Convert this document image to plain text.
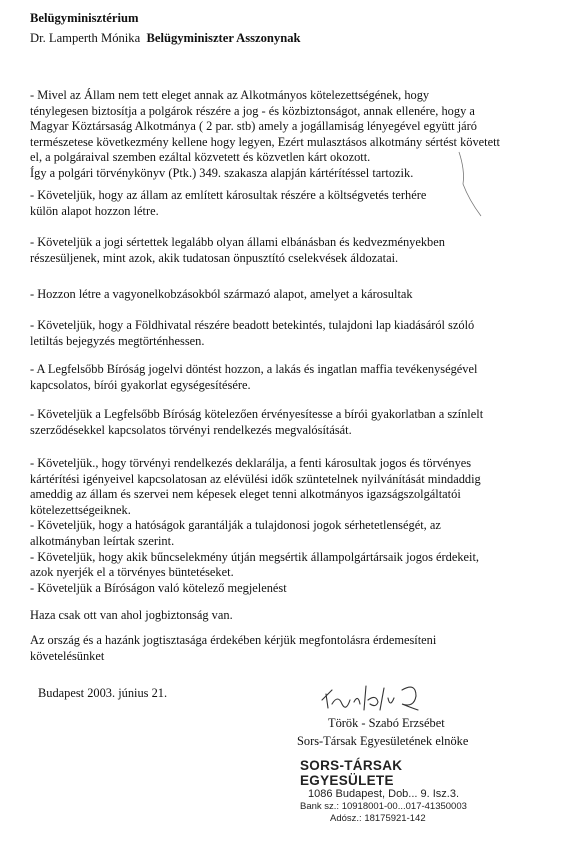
Belügyminisztérium
Dr. Lamperth Mónika Belügyminiszter Asszonynak
- Mivel az Állam nem tett eleget annak az Alkotmányos kötelezettségének, hogy
ténylegesen biztosítja a polgárok részére a jog - és közbiztonságot, annak ellenére, hogy a
Magyar Köztársaság Alkotmánya ( 2 par. stb) amely a jogállamiság lényegével együtt járó
természetese következmény kellene hogy legyen, Ezért mulasztásos alkotmány sértést követett
el, a polgáraival szemben ezáltal közvetett és közvetlen kárt okozott.
Így a polgári törvénykönyv (Ptk.) 349. szakasza alapján kártérítéssel tartozik.
- Követeljük, hogy az állam az említett károsultak részére a költségvetés terhére
külön alapot hozzon létre.
- Követeljük a jogi sértettek legalább olyan állami elbánásban és kedvezményekben
részesüljenek, mint azok, akik tudatosan önpusztító cselekvések áldozatai.
- Hozzon létre a vagyonelkobzásokból származó alapot, amelyet a károsultak
- Követeljük, hogy a Földhivatal részére beadott betekintés, tulajdoni lap kiadásáról szóló
letiltás bejegyzés megtörténhessen.
- A Legfelsőbb Bíróság jogelvi döntést hozzon, a lakás és ingatlan maffia tevékenységével
kapcsolatos, bírói gyakorlat egységesítésére.
- Követeljük a Legfelsőbb Bíróság kötelezően érvényesítesse a bírói gyakorlatban a színlelt
szerződésekkel kapcsolatos törvényi rendelkezés megvalósítását.
- Követeljük., hogy törvényi rendelkezés deklarálja, a fenti károsultak jogos és törvényes
kártérítési igényeivel kapcsolatosan az elévülési idők szüntetelnek nyilvánítását mindaddig
ameddig az állam és szervei nem képesek eleget tenni alkotmányos igazságszolgáltatói
kötelezettségeiknek.
- Követeljük, hogy a hatóságok garantálják a tulajdonosi jogok sérhetetlenségét, az
alkotmányban leírtak szerint.
- Követeljük, hogy akik bűncselekmény útján megsértik állampolgártársaik jogos érdekeit,
azok nyerjék el a törvényes büntetéseket.
- Követeljük a Bíróságon való kötelező megjelenést
Haza csak ott van ahol jogbiztonság van.
Az ország és a hazánk jogtisztasága érdekében kérjük megfontolásra érdemesíteni
követelésünket
Budapest 2003. június 21.
Török - Szabó Erzsébet
Sors-Társak Egyesületének elnöke
SORS-TÁRSAK EGYESÜLETE
1086 Budapest, Dob... 9. Isz.3.
Bank sz.: 10918001-00...017-41350003
Adósz.: 18175921-142
